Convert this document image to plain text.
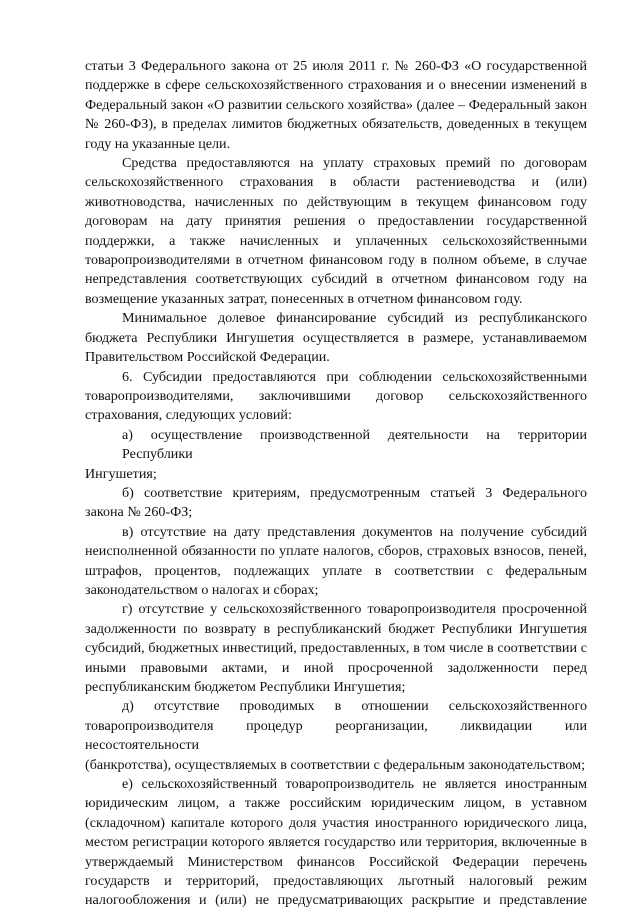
статьи 3 Федерального закона от 25 июля 2011 г. № 260-ФЗ «О государственной
поддержке в сфере сельскохозяйственного страхования и о внесении изменений в
Федеральный закон «О развитии сельского хозяйства» (далее – Федеральный закон
№ 260-ФЗ), в пределах лимитов бюджетных обязательств, доведенных в текущем
году на указанные цели.
Средства предоставляются на уплату страховых премий по договорам
сельскохозяйственного страхования в области растениеводства и (или)
животноводства, начисленных по действующим в текущем финансовом году
договорам на дату принятия решения о предоставлении государственной
поддержки, а также начисленных и уплаченных сельскохозяйственными
товаропроизводителями в отчетном финансовом году в полном объеме, в случае
непредставления соответствующих субсидий в отчетном финансовом году на
возмещение указанных затрат, понесенных в отчетном финансовом году.
Минимальное долевое финансирование субсидий из республиканского
бюджета Республики Ингушетия осуществляется в размере, устанавливаемом
Правительством Российской Федерации.
6. Субсидии предоставляются при соблюдении сельскохозяйственными
товаропроизводителями, заключившими договор сельскохозяйственного
страхования, следующих условий:
а) осуществление производственной деятельности на территории Республики
Ингушетия;
б) соответствие критериям, предусмотренным статьей 3 Федерального
закона № 260-ФЗ;
в) отсутствие на дату представления документов на получение субсидий
неисполненной обязанности по уплате налогов, сборов, страховых взносов, пеней,
штрафов, процентов, подлежащих уплате в соответствии с федеральным
законодательством о налогах и сборах;
г) отсутствие у сельскохозяйственного товаропроизводителя просроченной
задолженности по возврату в республиканский бюджет Республики Ингушетия
субсидий, бюджетных инвестиций, предоставленных, в том числе в соответствии с
иными правовыми актами, и иной просроченной задолженности перед
республиканским бюджетом Республики Ингушетия;
д) отсутствие проводимых в отношении сельскохозяйственного
товаропроизводителя процедур реорганизации, ликвидации или несостоятельности
(банкротства), осуществляемых в соответствии с федеральным законодательством;
е) сельскохозяйственный товаропроизводитель не является иностранным
юридическим лицом, а также российским юридическим лицом, в уставном
(складочном) капитале которого доля участия иностранного юридического лица,
местом регистрации которого является государство или территория, включенные в
утверждаемый Министерством финансов Российской Федерации перечень
государств и территорий, предоставляющих льготный налоговый режим
налогообложения и (или) не предусматривающих раскрытие и представление
